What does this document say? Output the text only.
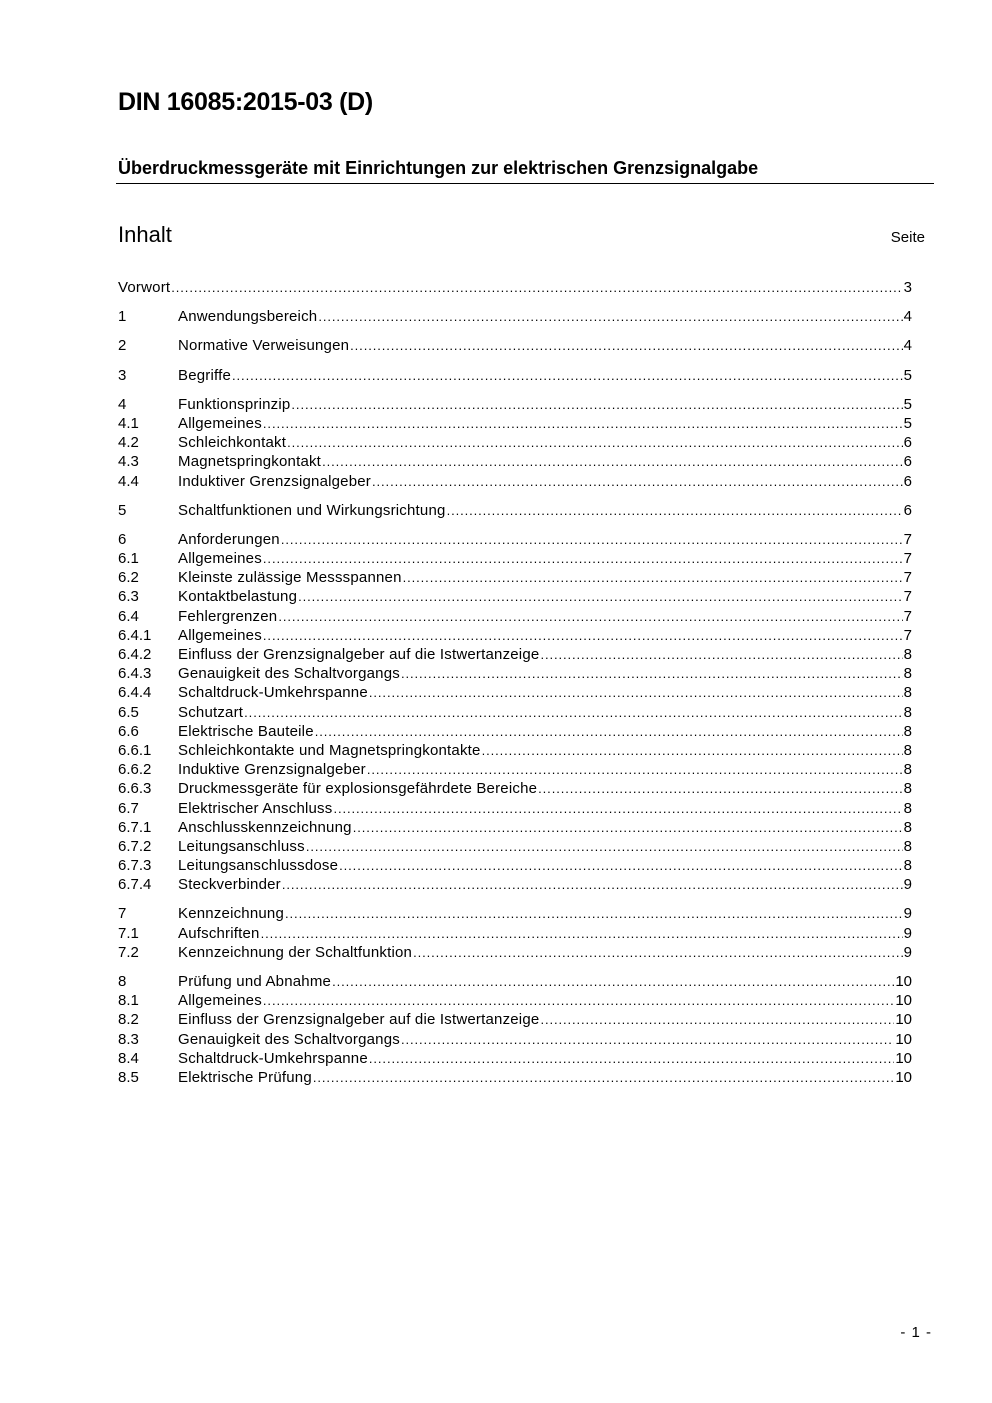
DIN 16085:2015-03 (D)
Überdruckmessgeräte mit Einrichtungen zur elektrischen Grenzsignalgabe
Inhalt	Seite
Vorwort .....	3
1	Anwendungsbereich .....	4
2	Normative Verweisungen .....	4
3	Begriffe .....	5
4	Funktionsprinzip .....	5
4.1	Allgemeines .....	5
4.2	Schleichkontakt .....	6
4.3	Magnetspringkontakt .....	6
4.4	Induktiver Grenzsignalgeber .....	6
5	Schaltfunktionen und Wirkungsrichtung .....	6
6	Anforderungen .....	7
6.1	Allgemeines .....	7
6.2	Kleinste zulässige Messspannen .....	7
6.3	Kontaktbelastung .....	7
6.4	Fehlergrenzen .....	7
6.4.1	Allgemeines .....	7
6.4.2	Einfluss der Grenzsignalgeber auf die Istwertanzeige .....	8
6.4.3	Genauigkeit des Schaltvorgangs .....	8
6.4.4	Schaltdruck-Umkehrspanne .....	8
6.5	Schutzart .....	8
6.6	Elektrische Bauteile .....	8
6.6.1	Schleichkontakte und Magnetspringkontakte .....	8
6.6.2	Induktive Grenzsignalgeber .....	8
6.6.3	Druckmessgeräte für explosionsgefährdete Bereiche .....	8
6.7	Elektrischer Anschluss .....	8
6.7.1	Anschlusskennzeichnung .....	8
6.7.2	Leitungsanschluss .....	8
6.7.3	Leitungsanschlussdose .....	8
6.7.4	Steckverbinder .....	9
7	Kennzeichnung .....	9
7.1	Aufschriften .....	9
7.2	Kennzeichnung der Schaltfunktion .....	9
8	Prüfung und Abnahme .....	10
8.1	Allgemeines .....	10
8.2	Einfluss der Grenzsignalgeber auf die Istwertanzeige .....	10
8.3	Genauigkeit des Schaltvorgangs .....	10
8.4	Schaltdruck-Umkehrspanne .....	10
8.5	Elektrische Prüfung .....	10
- 1 -
